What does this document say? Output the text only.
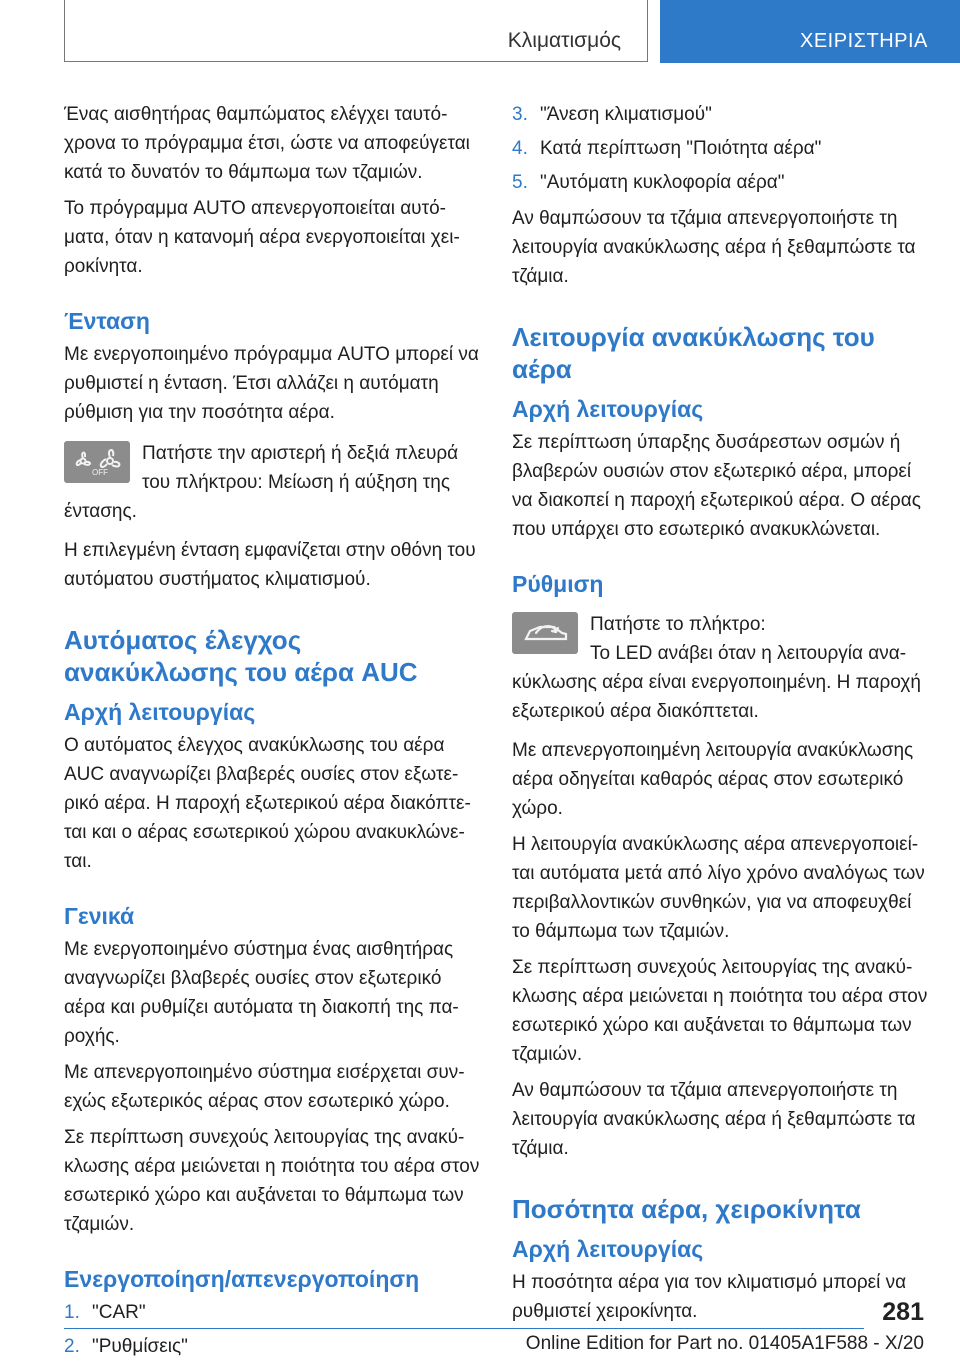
Κλιματισμός	ΧΕΙΡΙΣΤΗΡΙΑ

Ένας αισθητήρας θαμπώματος ελέγχει ταυτό-χρονα το πρόγραμμα έτσι, ώστε να αποφεύγεται κατά το δυνατόν το θάμπωμα των τζαμιών.

Το πρόγραμμα AUTO απενεργοποιείται αυτό-ματα, όταν η κατανομή αέρα ενεργοποιείται χει-ροκίνητα.

Ένταση

Με ενεργοποιημένο πρόγραμμα AUTO μπορεί να ρυθμιστεί η ένταση. Έτσι αλλάζει η αυτόματη ρύθμιση για την ποσότητα αέρα.

OFF

Πατήστε την αριστερή ή δεξιά πλευρά του πλήκτρου: Μείωση ή αύξηση της έντασης.

Η επιλεγμένη ένταση εμφανίζεται στην οθόνη του αυτόματου συστήματος κλιματισμού.

Αυτόματος έλεγχος ανακύκλωσης του αέρα AUC
Αρχή λειτουργίας

Ο αυτόματος έλεγχος ανακύκλωσης του αέρα AUC αναγνωρίζει βλαβερές ουσίες στον εξωτε-ρικό αέρα. Η παροχή εξωτερικού αέρα διακόπτε-ται και ο αέρας εσωτερικού χώρου ανακυκλώνε-ται.

Γενικά

Με ενεργοποιημένο σύστημα ένας αισθητήρας αναγνωρίζει βλαβερές ουσίες στον εξωτερικό αέρα και ρυθμίζει αυτόματα τη διακοπή της πα-ροχής.

Με απενεργοποιημένο σύστημα εισέρχεται συν-εχώς εξωτερικός αέρας στον εσωτερικό χώρο.

Σε περίπτωση συνεχούς λειτουργίας της ανακύ-κλωσης αέρα μειώνεται η ποιότητα του αέρα στον εσωτερικό χώρο και αυξάνεται το θάμπωμα των τζαμιών.

Ενεργοποίηση/απενεργοποίηση
1. "CAR"
2. "Ρυθμίσεις"
3. "Άνεση κλιματισμού"
4. Κατά περίπτωση "Ποιότητα αέρα"
5. "Αυτόματη κυκλοφορία αέρα"

Αν θαμπώσουν τα τζάμια απενεργοποιήστε τη λειτουργία ανακύκλωσης αέρα ή ξεθαμπώστε τα τζάμια.

Λειτουργία ανακύκλωσης του αέρα
Αρχή λειτουργίας

Σε περίπτωση ύπαρξης δυσάρεστων οσμών ή βλαβερών ουσιών στον εξωτερικό αέρα, μπορεί να διακοπεί η παροχή εξωτερικού αέρα. Ο αέρας που υπάρχει στο εσωτερικό ανακυκλώνεται.

Ρύθμιση

Πατήστε το πλήκτρο:

Το LED ανάβει όταν η λειτουργία ανα-κύκλωσης αέρα είναι ενεργοποιημένη. Η παροχή εξωτερικού αέρα διακόπτεται.

Με απενεργοποιημένη λειτουργία ανακύκλωσης αέρα οδηγείται καθαρός αέρας στον εσωτερικό χώρο.

Η λειτουργία ανακύκλωσης αέρα απενεργοποιεί-ται αυτόματα μετά από λίγο χρόνο αναλόγως των περιβαλλοντικών συνθηκών, για να αποφευχθεί το θάμπωμα των τζαμιών.

Σε περίπτωση συνεχούς λειτουργίας της ανακύ-κλωσης αέρα μειώνεται η ποιότητα του αέρα στον εσωτερικό χώρο και αυξάνεται το θάμπωμα των τζαμιών.

Αν θαμπώσουν τα τζάμια απενεργοποιήστε τη λειτουργία ανακύκλωσης αέρα ή ξεθαμπώστε τα τζάμια.

Ποσότητα αέρα, χειροκίνητα
Αρχή λειτουργίας

Η ποσότητα αέρα για τον κλιματισμό μπορεί να ρυθμιστεί χειροκίνητα.	281
Online Edition for Part no. 01405A1F588 - X/20
